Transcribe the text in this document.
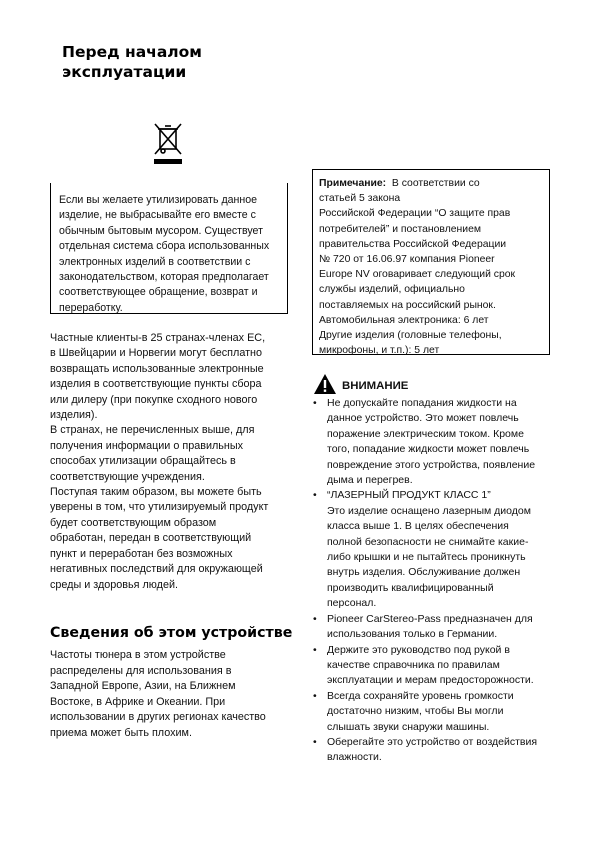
Перед началом
эксплуатации
Если вы желаете утилизировать данное
изделие, не выбрасывайте его вместе с
обычным бытовым мусором. Существует
отдельная система сбора использованных
электронных изделий в соответствии с
законодательством, которая предполагает
соответствующее обращение, возврат и
переработку.
Частные клиенты-в 25 странах-членах ЕС,
в Швейцарии и Норвегии могут бесплатно
возвращать использованные электронные
изделия в соответствующие пункты сбора
или дилеру (при покупке сходного нового
изделия).
В странах, не перечисленных выше, для
получения информации о правильных
способах утилизации обращайтесь в
соответствующие учреждения.
Поступая таким образом, вы можете быть
уверены в том, что утилизируемый продукт
будет соответствующим образом
обработан, передан в соответствующий
пункт и переработан без возможных
негативных последствий для окружающей
среды и здоровья людей.
Сведения об этом устройстве
Частоты тюнера в этом устройстве
распределены для использования в
Западной Европе, Азии, на Ближнем
Востоке, в Африке и Океании. При
использовании в других регионах качество
приема может быть плохим.
Примечание: В соответствии со
статьей 5 закона
Российской Федерации “О защите прав
потребителей” и постановлением
правительства Российской Федерации
№ 720 от 16.06.97 компания Pioneer
Europe NV оговаривает следующий срок
службы изделий, официально
поставляемых на российский рынок.
Автомобильная электроника: 6 лет
Другие изделия (головные телефоны,
микрофоны, и т.п.): 5 лет
ВНИМАНИЕ
• Не допускайте попадания жидкости на
данное устройство. Это может повлечь
поражение электрическим током. Кроме
того, попадание жидкости может повлечь
повреждение этого устройства, появление
дыма и перегрев.
• “ЛАЗЕРНЫЙ ПРОДУКТ КЛАСС 1”
Это изделие оснащено лазерным диодом
класса выше 1. В целях обеспечения
полной безопасности не снимайте какие-
либо крышки и не пытайтесь проникнуть
внутрь изделия. Обслуживание должен
производить квалифицированный
персонал.
• Pioneer CarStereo-Pass предназначен для
использования только в Германии.
• Держите это руководство под рукой в
качестве справочника по правилам
эксплуатации и мерам предосторожности.
• Всегда сохраняйте уровень громкости
достаточно низким, чтобы Вы могли
слышать звуки снаружи машины.
• Оберегайте это устройство от воздействия
влажности.
